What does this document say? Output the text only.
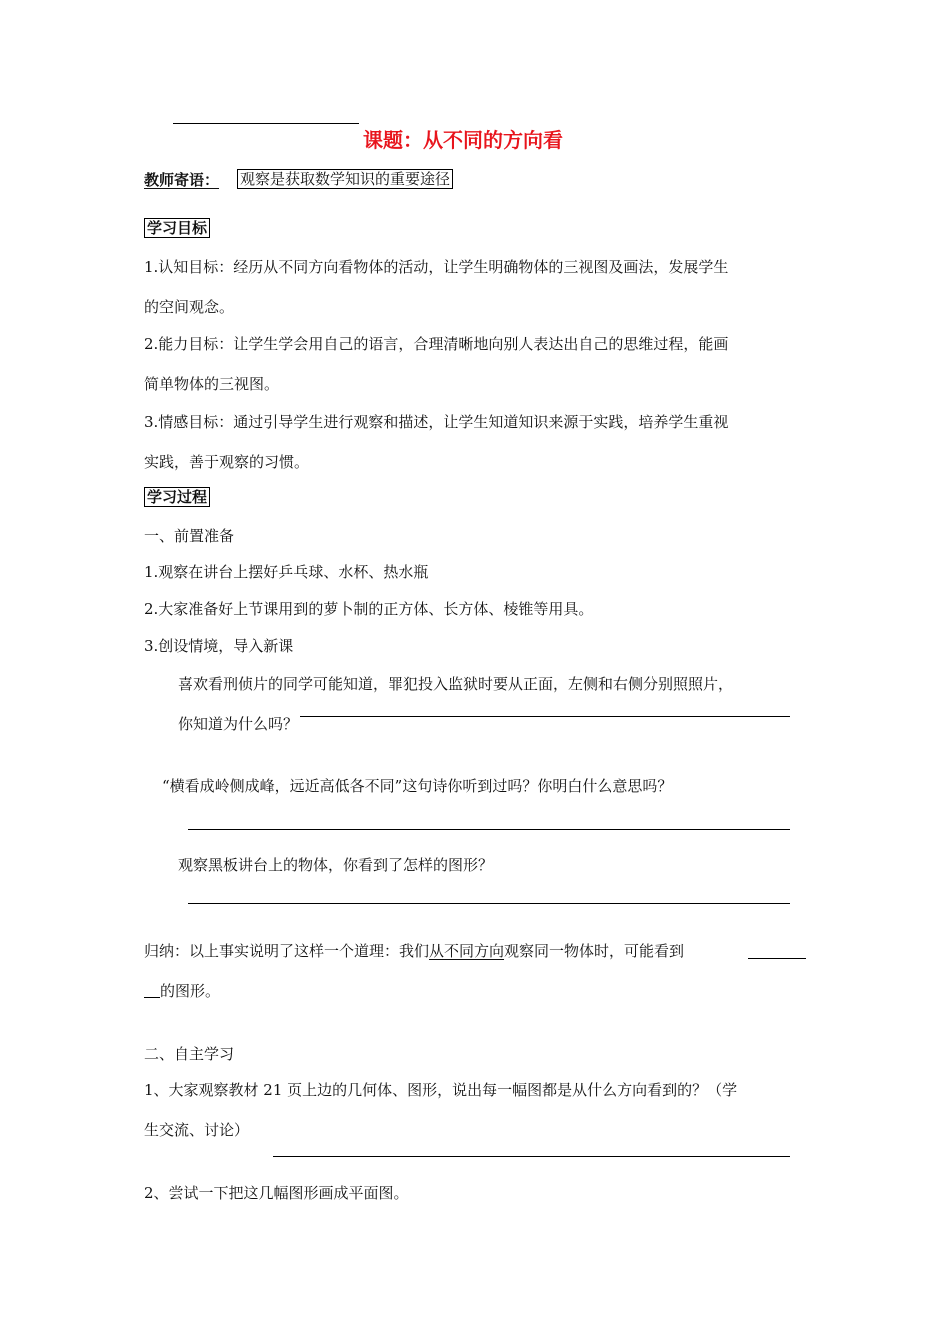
课题：从不同的方向看
教师寄语： 观察是获取数学知识的重要途径
学习目标
1.认知目标：经历从不同方向看物体的活动，让学生明确物体的三视图及画法，发展学生
的空间观念。
2.能力目标：让学生学会用自己的语言，合理清晰地向别人表达出自己的思维过程，能画
简单物体的三视图。
3.情感目标：通过引导学生进行观察和描述，让学生知道知识来源于实践，培养学生重视
实践，善于观察的习惯。
学习过程
一、前置准备
1.观察在讲台上摆好乒乓球、水杯、热水瓶
2.大家准备好上节课用到的萝卜制的正方体、长方体、棱锥等用具。
3.创设情境，导入新课
喜欢看刑侦片的同学可能知道，罪犯投入监狱时要从正面，左侧和右侧分别照照片，
你知道为什么吗？
“横看成岭侧成峰，远近高低各不同”这句诗你听到过吗？你明白什么意思吗？
观察黑板讲台上的物体，你看到了怎样的图形？
归纳：以上事实说明了这样一个道理：我们从不同方向观察同一物体时，可能看到
的图形。
二、自主学习
1、大家观察教材 21 页上边的几何体、图形，说出每一幅图都是从什么方向看到的？（学
生交流、讨论）
2、尝试一下把这几幅图形画成平面图。
